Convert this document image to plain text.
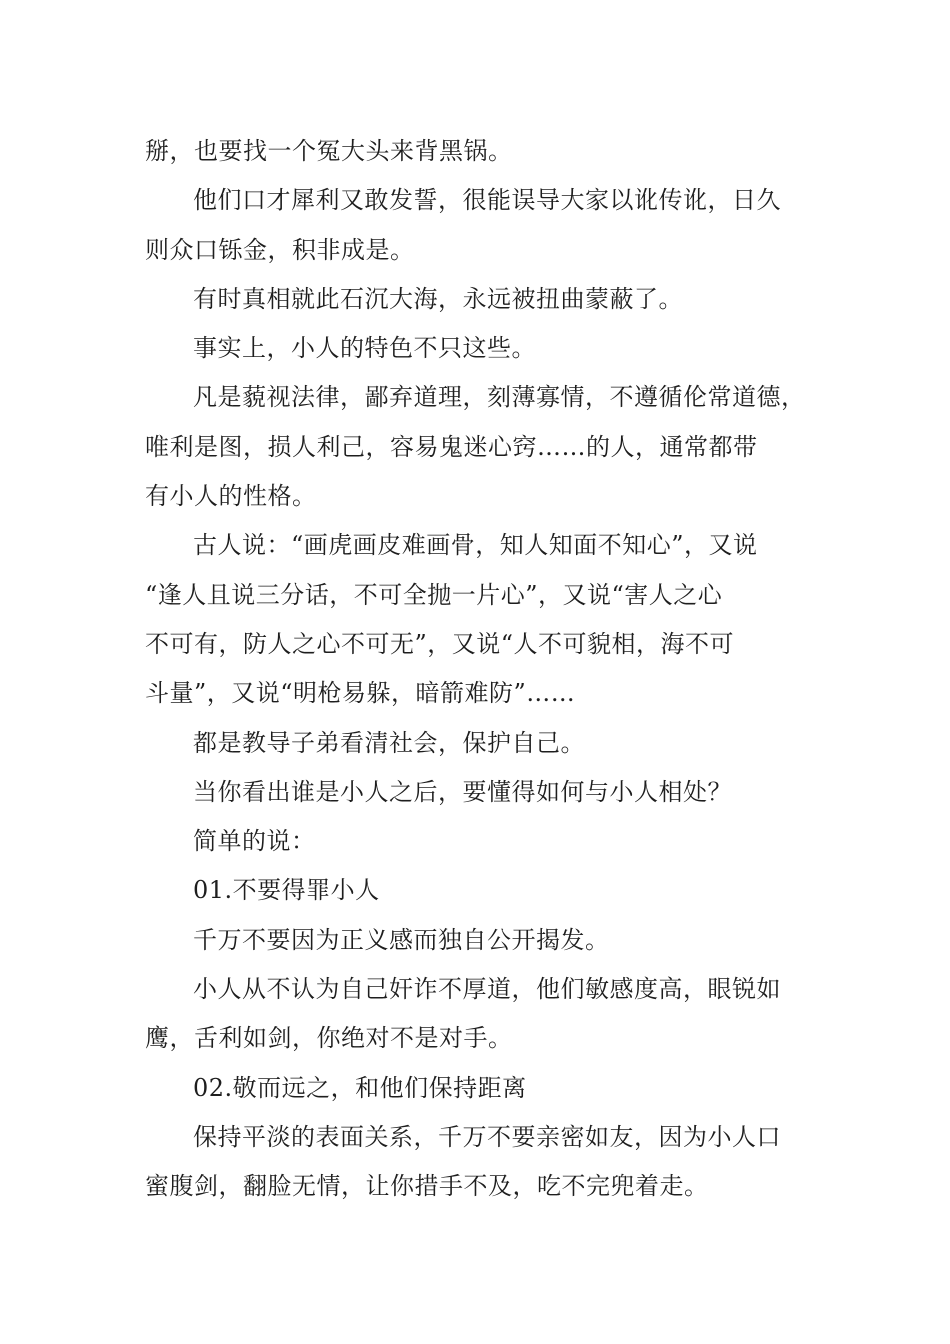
掰，也要找一个冤大头来背黑锅。
他们口才犀利又敢发誓，很能误导大家以讹传讹，日久
则众口铄金，积非成是。
有时真相就此石沉大海，永远被扭曲蒙蔽了。
事实上，小人的特色不只这些。
凡是藐视法律，鄙弃道理，刻薄寡情，不遵循伦常道德，
唯利是图，损人利己，容易鬼迷心窍……的人，通常都带
有小人的性格。
古人说：“画虎画皮难画骨，知人知面不知心”，又说
“逢人且说三分话，不可全抛一片心”，又说“害人之心
不可有，防人之心不可无”，又说“人不可貌相，海不可
斗量”，又说“明枪易躲，暗箭难防”……
都是教导子弟看清社会，保护自己。
当你看出谁是小人之后，要懂得如何与小人相处？
简单的说：
01.不要得罪小人
千万不要因为正义感而独自公开揭发。
小人从不认为自己奸诈不厚道，他们敏感度高，眼锐如
鹰，舌利如剑，你绝对不是对手。
02.敬而远之，和他们保持距离
保持平淡的表面关系，千万不要亲密如友，因为小人口
蜜腹剑，翻脸无情，让你措手不及，吃不完兜着走。
